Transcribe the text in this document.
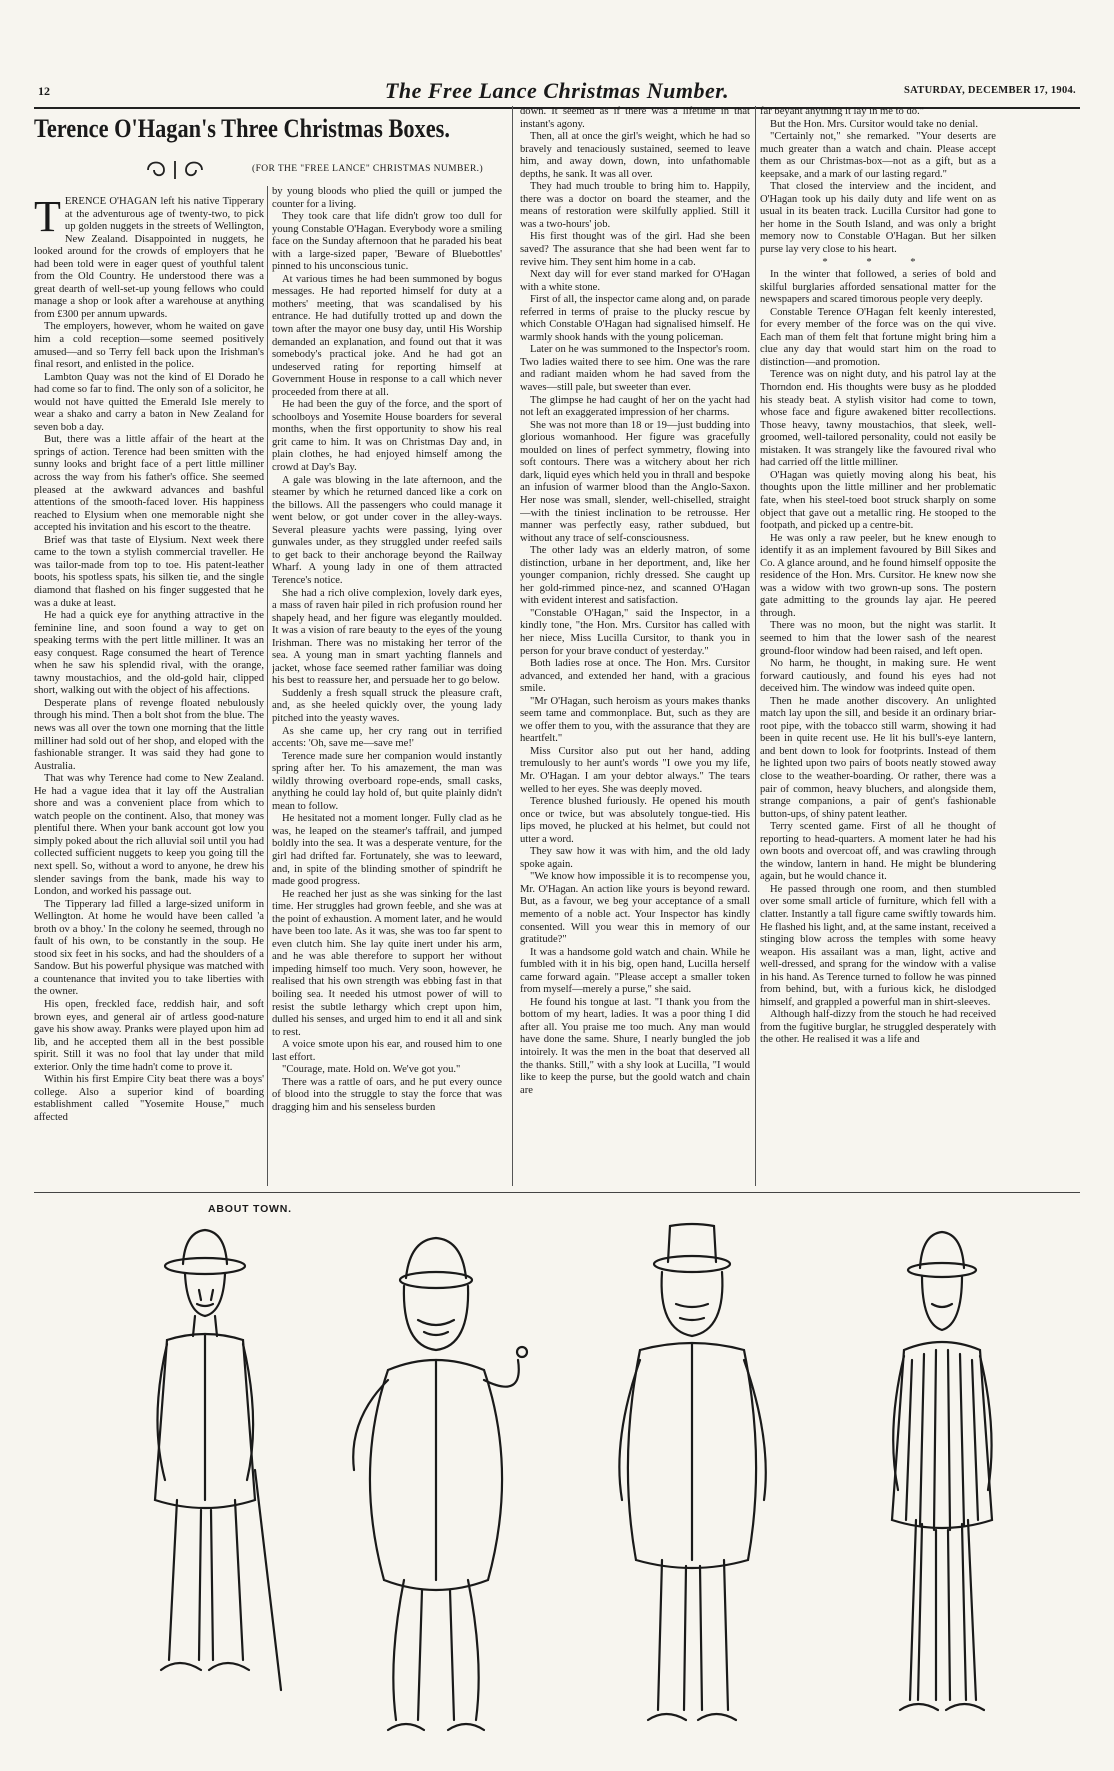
12	The Free Lance Christmas Number.	SATURDAY, DECEMBER 17, 1904.
Terence O'Hagan's Three Christmas Boxes.
(FOR THE "FREE LANCE" CHRISTMAS NUMBER.)
T ERENCE O'HAGAN left his native Tipperary at the adventurous age of twenty-two, to pick up golden nuggets in the streets of Wellington, New Zealand. Disappointed in nuggets, he looked around for the crowds of employers that he had been told were in eager quest of youthful talent from the Old Country. He understood there was a great dearth of well-set-up young fellows who could manage a shop or look after a warehouse at anything from £300 per annum upwards.

The employers, however, whom he waited on gave him a cold reception—some seemed positively amused—and so Terry fell back upon the Irishman's final resort, and enlisted in the police.

Lambton Quay was not the kind of El Dorado he had come so far to find. The only son of a solicitor, he would not have quitted the Emerald Isle merely to wear a shako and carry a baton in New Zealand for seven bob a day.

But, there was a little affair of the heart at the springs of action. Terence had been smitten with the sunny looks and bright face of a pert little milliner across the way from his father's office. She seemed pleased at the awkward advances and bashful attentions of the smooth-faced lover. His happiness reached to Elysium when one memorable night she accepted his invitation and his escort to the theatre.

Brief was that taste of Elysium. Next week there came to the town a stylish commercial traveller. He was tailor-made from top to toe. His patent-leather boots, his spotless spats, his silken tie, and the single diamond that flashed on his finger suggested that he was a duke at least.

He had a quick eye for anything attractive in the feminine line, and soon found a way to get on speaking terms with the pert little milliner. It was an easy conquest. Rage consumed the heart of Terence when he saw his splendid rival, with the orange, tawny moustachios, and the old-gold hair, clipped short, walking out with the object of his affections.

Desperate plans of revenge floated nebulously through his mind. Then a bolt shot from the blue. The news was all over the town one morning that the little milliner had sold out of her shop, and eloped with the fashionable stranger. It was said they had gone to Australia.

That was why Terence had come to New Zealand. He had a vague idea that it lay off the Australian shore and was a convenient place from which to watch people on the continent. Also, that money was plentiful there. When your bank account got low you simply poked about the rich alluvial soil until you had collected sufficient nuggets to keep you going till the next spell. So, without a word to anyone, he drew his slender savings from the bank, made his way to London, and worked his passage out.

The Tipperary lad filled a large-sized uniform in Wellington. At home he would have been called 'a broth ov a bhoy.' In the colony he seemed, through no fault of his own, to be constantly in the soup. He stood six feet in his socks, and had the shoulders of a Sandow. But his powerful physique was matched with a countenance that invited you to take liberties with the owner.

His open, freckled face, reddish hair, and soft brown eyes, and general air of artless good-nature gave his show away. Pranks were played upon him ad lib, and he accepted them all in the best possible spirit. Still it was no fool that lay under that mild exterior. Only the time hadn't come to prove it.

Within his first Empire City beat there was a boys' college. Also a superior kind of boarding establishment called "Yosemite House," much affected

by young bloods who plied the quill or jumped the counter for a living.

They took care that life didn't grow too dull for young Constable O'Hagan. Everybody wore a smiling face on the Sunday afternoon that he paraded his beat with a large-sized paper, 'Beware of Bluebottles' pinned to his unconscious tunic.

At various times he had been summoned by bogus messages. He had reported himself for duty at a mothers' meeting, that was scandalised by his entrance. He had dutifully trotted up and down the town after the mayor one busy day, until His Worship demanded an explanation, and found out that it was somebody's practical joke. And he had got an undeserved rating for reporting himself at Government House in response to a call which never proceeded from there at all.

He had been the guy of the force, and the sport of schoolboys and Yosemite House boarders for several months, when the first opportunity to show his real grit came to him. It was on Christmas Day and, in plain clothes, he had enjoyed himself among the crowd at Day's Bay.

A gale was blowing in the late afternoon, and the steamer by which he returned danced like a cork on the billows. All the passengers who could manage it went below, or got under cover in the alley-ways. Several pleasure yachts were passing, lying over gunwales under, as they struggled under reefed sails to get back to their anchorage beyond the Railway Wharf. A young lady in one of them attracted Terence's notice.

She had a rich olive complexion, lovely dark eyes, a mass of raven hair piled in rich profusion round her shapely head, and her figure was elegantly moulded. It was a vision of rare beauty to the eyes of the young Irishman. There was no mistaking her terror of the sea. A young man in smart yachting flannels and jacket, whose face seemed rather familiar was doing his best to reassure her, and persuade her to go below.

Suddenly a fresh squall struck the pleasure craft, and, as she heeled quickly over, the young lady pitched into the yeasty waves.

As she came up, her cry rang out in terrified accents: 'Oh, save me—save me!'

Terence made sure her companion would instantly spring after her. To his amazement, the man was wildly throwing overboard rope-ends, small casks, anything he could lay hold of, but quite plainly didn't mean to follow.

He hesitated not a moment longer. Fully clad as he was, he leaped on the steamer's taffrail, and jumped boldly into the sea. It was a desperate venture, for the girl had drifted far. Fortunately, she was to leeward, and, in spite of the blinding smother of spindrift he made good progress.

He reached her just as she was sinking for the last time. Her struggles had grown feeble, and she was at the point of exhaustion. A moment later, and he would have been too late. As it was, she was too far spent to even clutch him. She lay quite inert under his arm, and he was able therefore to support her without impeding himself too much. Very soon, however, he realised that his own strength was ebbing fast in that boiling sea. It needed his utmost power of will to resist the subtle lethargy which crept upon him, dulled his senses, and urged him to end it all and sink to rest.

A voice smote upon his ear, and roused him to one last effort.

"Courage, mate. Hold on. We've got you."

There was a rattle of oars, and he put every ounce of blood into the struggle to stay the force that was dragging him and his senseless burden

down. It seemed as if there was a lifetime in that instant's agony.

Then, all at once the girl's weight, which he had so bravely and tenaciously sustained, seemed to leave him, and away down, down, into unfathomable depths, he sank. It was all over.

They had much trouble to bring him to. Happily, there was a doctor on board the steamer, and the means of restoration were skilfully applied. Still it was a two-hours' job.

His first thought was of the girl. Had she been saved? The assurance that she had been went far to revive him. They sent him home in a cab.

Next day will for ever stand marked for O'Hagan with a white stone.

First of all, the inspector came along and, on parade referred in terms of praise to the plucky rescue by which Constable O'Hagan had signalised himself. He warmly shook hands with the young policeman.

Later on he was summoned to the Inspector's room. Two ladies waited there to see him. One was the rare and radiant maiden whom he had saved from the waves—still pale, but sweeter than ever.

The glimpse he had caught of her on the yacht had not left an exaggerated impression of her charms.

She was not more than 18 or 19—just budding into glorious womanhood. Her figure was gracefully moulded on lines of perfect symmetry, flowing into soft contours. There was a witchery about her rich dark, liquid eyes which held you in thrall and bespoke an infusion of warmer blood than the Anglo-Saxon. Her nose was small, slender, well-chiselled, straight—with the tiniest inclination to be retrousse. Her manner was perfectly easy, rather subdued, but without any trace of self-consciousness.

The other lady was an elderly matron, of some distinction, urbane in her deportment, and, like her younger companion, richly dressed. She caught up her gold-rimmed pince-nez, and scanned O'Hagan with evident interest and satisfaction.

"Constable O'Hagan," said the Inspector, in a kindly tone, "the Hon. Mrs. Cursitor has called with her niece, Miss Lucilla Cursitor, to thank you in person for your brave conduct of yesterday."

Both ladies rose at once. The Hon. Mrs. Cursitor advanced, and extended her hand, with a gracious smile.

"Mr O'Hagan, such heroism as yours makes thanks seem tame and commonplace. But, such as they are we offer them to you, with the assurance that they are heartfelt."

Miss Cursitor also put out her hand, adding tremulously to her aunt's words "I owe you my life, Mr. O'Hagan. I am your debtor always." The tears welled to her eyes. She was deeply moved.

Terence blushed furiously. He opened his mouth once or twice, but was absolutely tongue-tied. His lips moved, he plucked at his helmet, but could not utter a word.

They saw how it was with him, and the old lady spoke again.

"We know how impossible it is to recompense you, Mr. O'Hagan. An action like yours is beyond reward. But, as a favour, we beg your acceptance of a small memento of a noble act. Your Inspector has kindly consented. Will you wear this in memory of our gratitude?"

It was a handsome gold watch and chain. While he fumbled with it in his big, open hand, Lucilla herself came forward again. "Please accept a smaller token from myself—merely a purse," she said.

He found his tongue at last. "I thank you from the bottom of my heart, ladies. It was a poor thing I did after all. You praise me too much. Any man would have done the same. Shure, I nearly bungled the job intoirely. It was the men in the boat that deserved all the thanks. Still," with a shy look at Lucilla, "I would like to keep the purse, but the goold watch and chain are

far beyant anything it lay in me to do."

But the Hon. Mrs. Cursitor would take no denial.

"Certainly not," she remarked. "Your deserts are much greater than a watch and chain. Please accept them as our Christmas-box—not as a gift, but as a keepsake, and a mark of our lasting regard."

That closed the interview and the incident, and O'Hagan took up his daily duty and life went on as usual in its beaten track. Lucilla Cursitor had gone to her home in the South Island, and was only a bright memory now to Constable O'Hagan. But her silken purse lay very close to his heart.

* * *

In the winter that followed, a series of bold and skilful burglaries afforded sensational matter for the newspapers and scared timorous people very deeply.

Constable Terence O'Hagan felt keenly interested, for every member of the force was on the qui vive. Each man of them felt that fortune might bring him a clue any day that would start him on the road to distinction—and promotion.

Terence was on night duty, and his patrol lay at the Thorndon end. His thoughts were busy as he plodded his steady beat. A stylish visitor had come to town, whose face and figure awakened bitter recollections. Those heavy, tawny moustachios, that sleek, well-groomed, well-tailored personality, could not easily be mistaken. It was strangely like the favoured rival who had carried off the little milliner.

O'Hagan was quietly moving along his beat, his thoughts upon the little milliner and her problematic fate, when his steel-toed boot struck sharply on some object that gave out a metallic ring. He stooped to the footpath, and picked up a centre-bit.

He was only a raw peeler, but he knew enough to identify it as an implement favoured by Bill Sikes and Co. A glance around, and he found himself opposite the residence of the Hon. Mrs. Cursitor. He knew now she was a widow with two grown-up sons. The postern gate admitting to the grounds lay ajar. He peered through.

There was no moon, but the night was starlit. It seemed to him that the lower sash of the nearest ground-floor window had been raised, and left open.

No harm, he thought, in making sure. He went forward cautiously, and found his eyes had not deceived him. The window was indeed quite open.

Then he made another discovery. An unlighted match lay upon the sill, and beside it an ordinary briar-root pipe, with the tobacco still warm, showing it had been in quite recent use. He lit his bull's-eye lantern, and bent down to look for footprints. Instead of them he lighted upon two pairs of boots neatly stowed away close to the weather-boarding. Or rather, there was a pair of common, heavy bluchers, and alongside them, strange companions, a pair of gent's fashionable button-ups, of shiny patent leather.

Terry scented game. First of all he thought of reporting to head-quarters. A moment later he had his own boots and overcoat off, and was crawling through the window, lantern in hand. He might be blundering again, but he would chance it.

He passed through one room, and then stumbled over some small article of furniture, which fell with a clatter. Instantly a tall figure came swiftly towards him. He flashed his light, and, at the same instant, received a stinging blow across the temples with some heavy weapon. His assailant was a man, light, active and well-dressed, and sprang for the window with a valise in his hand. As Terence turned to follow he was pinned from behind, but, with a furious kick, he dislodged himself, and grappled a powerful man in shirt-sleeves.

Although half-dizzy from the stouch he had received from the fugitive burglar, he struggled desperately with the other. He realised it was a life and

ABOUT TOWN.
